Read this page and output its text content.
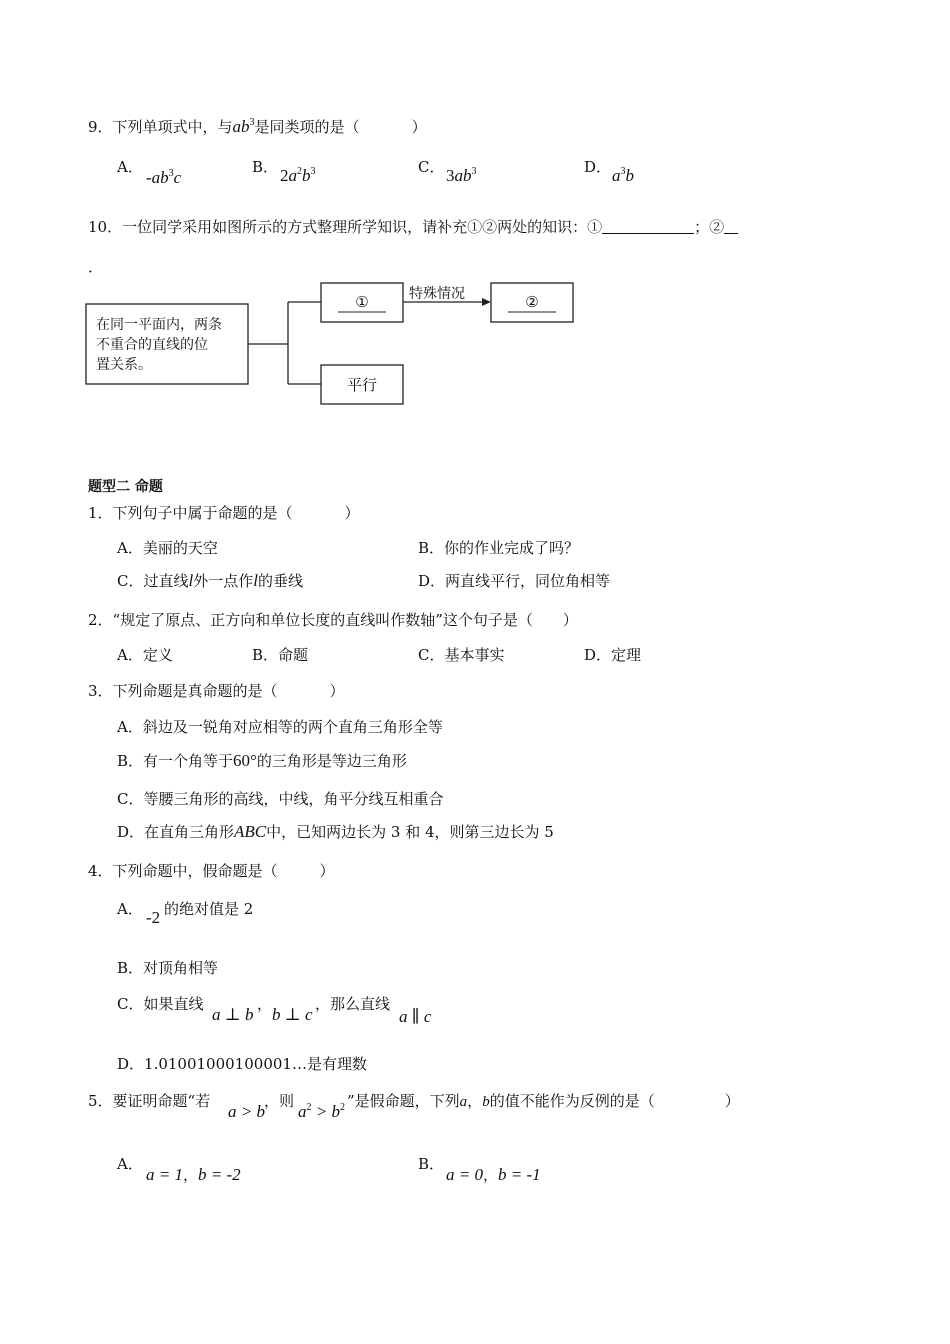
9．下列单项式中，与$ab^3$是同类项的是（	）
A．
$-ab^3c$
B． $2a^2b^3$	C． $3ab^3$	D． $a^3b$
10．一位同学采用如图所示的方式整理所学知识，请补充①②两处的知识：①	；②
．
在同一平面内，两条
不重合的直线的位
置关系。
①	特殊情况	②
平行
题型二 命题
1．下列句子中属于命题的是（	）
A．美丽的天空	B．你的作业完成了吗？
C．过直线l外一点作l的垂线	D．两直线平行，同位角相等
2．“规定了原点、正方向和单位长度的直线叫作数轴”这个句子是（ ）
A．定义	B．命题	C．基本事实	D．定理
3．下列命题是真命题的是（	）
A．斜边及一锐角对应相等的两个直角三角形全等
B．有一个角等于60°的三角形是等边三角形
C．等腰三角形的高线，中线，角平分线互相重合
D．在直角三角形ABC中，已知两边长为 3 和 4，则第三边长为 5
4．下列命题中，假命题是（	）
A． -2 的绝对值是 2
B．对顶角相等
C．如果直线
a ⊥ b
，
b ⊥ c
，那么直线
a ∥ c
D．1.01001000100001…是有理数
5．要证明命题“若
a > b
，则
$a^2 > b^2$ ”是假命题，下列a，b的值不能作为反例的是（	）
A．
a = 1，b = -2
B．
a = 0，b = -1
